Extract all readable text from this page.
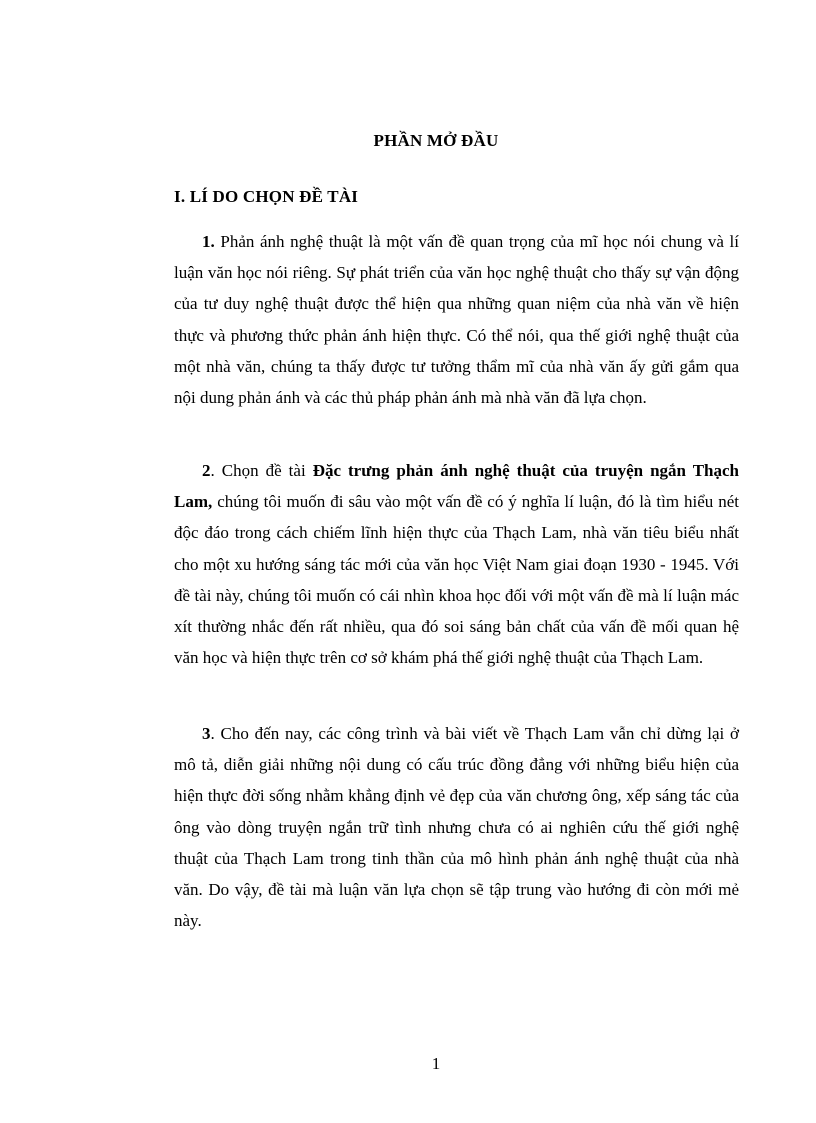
PHẦN MỞ ĐẦU
I. LÍ DO CHỌN ĐỀ TÀI

1. Phản ánh nghệ thuật là một vấn đề quan trọng của mĩ học nói chung và lí luận văn học nói riêng. Sự phát triển của văn học nghệ thuật cho thấy sự vận động của tư duy nghệ thuật được thể hiện qua những quan niệm của nhà văn về hiện thực và phương thức phản ánh hiện thực. Có thể nói, qua thế giới nghệ thuật của một nhà văn, chúng ta thấy được tư tưởng thẩm mĩ của nhà văn ấy gửi gắm qua nội dung phản ánh và các thủ pháp phản ánh mà nhà văn đã lựa chọn.

2. Chọn đề tài Đặc trưng phản ánh nghệ thuật của truyện ngắn Thạch Lam, chúng tôi muốn đi sâu vào một vấn đề có ý nghĩa lí luận, đó là tìm hiểu nét độc đáo trong cách chiếm lĩnh hiện thực của Thạch Lam, nhà văn tiêu biểu nhất cho một xu hướng sáng tác mới của văn học Việt Nam giai đoạn 1930 - 1945. Với đề tài này, chúng tôi muốn có cái nhìn khoa học đối với một vấn đề mà lí luận mác xít thường nhắc đến rất nhiều, qua đó soi sáng bản chất của vấn đề mối quan hệ văn học và hiện thực trên cơ sở khám phá thế giới nghệ thuật của Thạch Lam.

3. Cho đến nay, các công trình và bài viết về Thạch Lam vẫn chỉ dừng lại ở mô tả, diễn giải những nội dung có cấu trúc đồng đẳng với những biểu hiện của hiện thực đời sống nhằm khẳng định vẻ đẹp của văn chương ông, xếp sáng tác của ông vào dòng truyện ngắn trữ tình nhưng chưa có ai nghiên cứu thế giới nghệ thuật của Thạch Lam trong tinh thần của mô hình phản ánh nghệ thuật của nhà văn. Do vậy, đề tài mà luận văn lựa chọn sẽ tập trung vào hướng đi còn mới mẻ này.

1
